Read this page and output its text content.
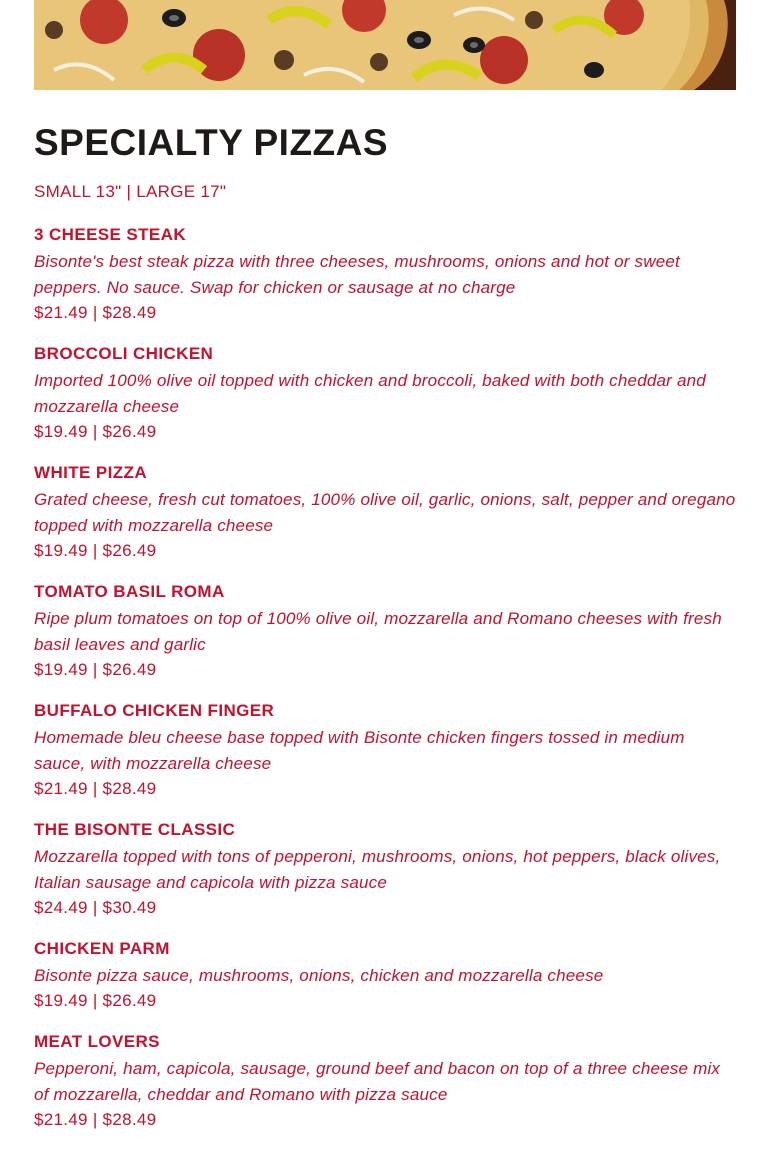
SPECIALTY PIZZAS
SMALL 13" | LARGE 17"
3 CHEESE STEAK
Bisonte's best steak pizza with three cheeses, mushrooms, onions and hot or sweet peppers. No sauce. Swap for chicken or sausage at no charge
$21.49 | $28.49
BROCCOLI CHICKEN
Imported 100% olive oil topped with chicken and broccoli, baked with both cheddar and mozzarella cheese
$19.49 | $26.49
WHITE PIZZA
Grated cheese, fresh cut tomatoes, 100% olive oil, garlic, onions, salt, pepper and oregano topped with mozzarella cheese
$19.49 | $26.49
TOMATO BASIL ROMA
Ripe plum tomatoes on top of 100% olive oil, mozzarella and Romano cheeses with fresh basil leaves and garlic
$19.49 | $26.49
BUFFALO CHICKEN FINGER
Homemade bleu cheese base topped with Bisonte chicken fingers tossed in medium sauce, with mozzarella cheese
$21.49 | $28.49
THE BISONTE CLASSIC
Mozzarella topped with tons of pepperoni, mushrooms, onions, hot peppers, black olives, Italian sausage and capicola with pizza sauce
$24.49 | $30.49
CHICKEN PARM
Bisonte pizza sauce, mushrooms, onions, chicken and mozzarella cheese
$19.49 | $26.49
MEAT LOVERS
Pepperoni, ham, capicola, sausage, ground beef and bacon on top of a three cheese mix of mozzarella, cheddar and Romano with pizza sauce
$21.49 | $28.49
